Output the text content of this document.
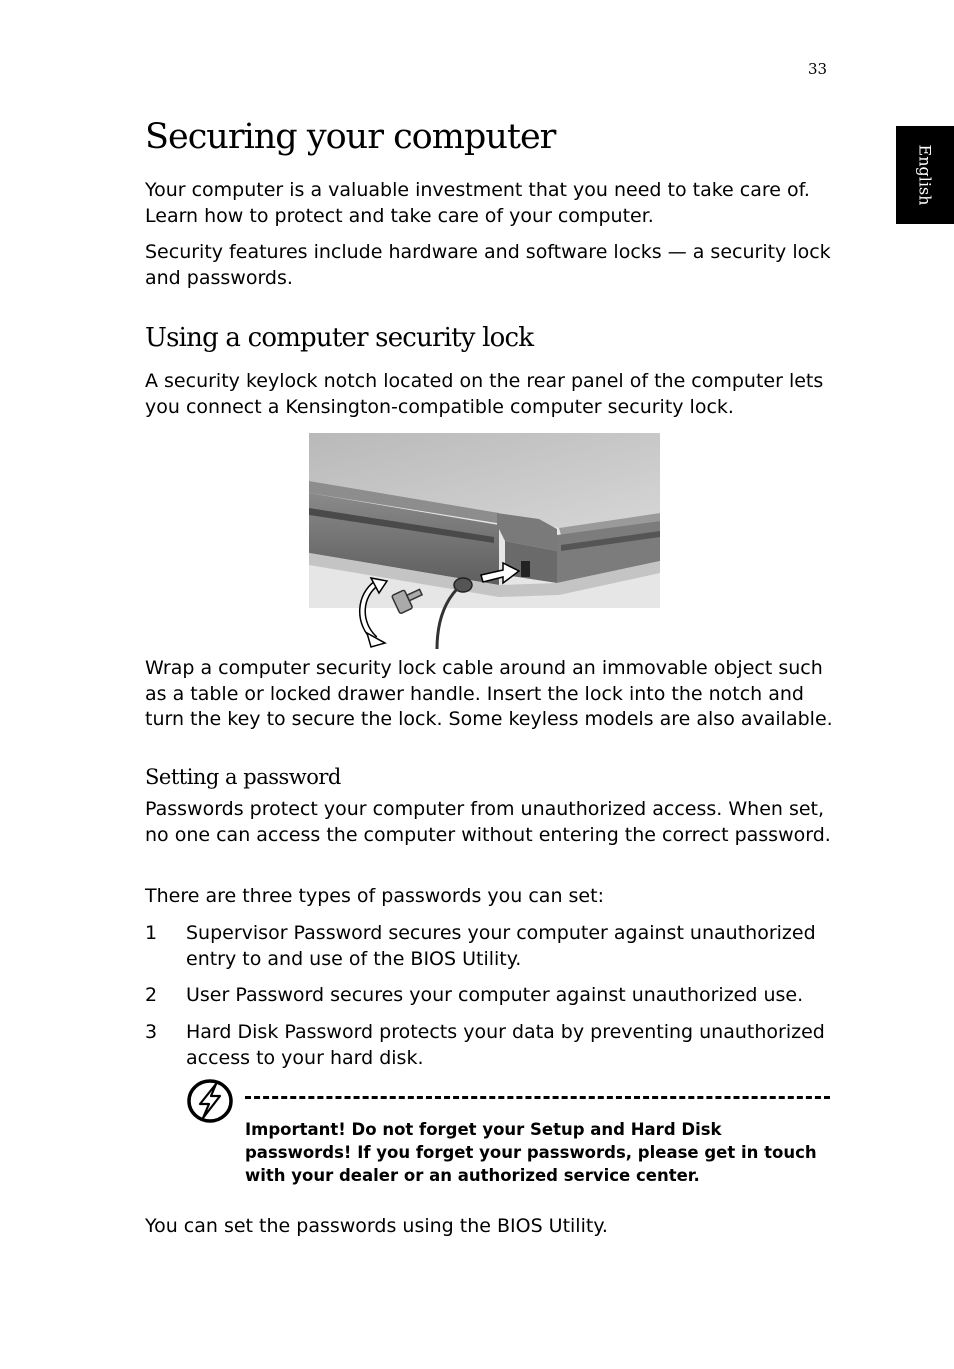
33
English
Securing your computer

Your computer is a valuable investment that you need to take care of. Learn how to protect and take care of your computer.

Security features include hardware and software locks — a security lock and passwords.

Using a computer security lock

A security keylock notch located on the rear panel of the computer lets you connect a Kensington-compatible computer security lock.

Wrap a computer security lock cable around an immovable object such as a table or locked drawer handle. Insert the lock into the notch and turn the key to secure the lock. Some keyless models are also available.

Setting a password

Passwords protect your computer from unauthorized access. When set, no one can access the computer without entering the correct password.

There are three types of passwords you can set:

1 Supervisor Password secures your computer against unauthorized entry to and use of the BIOS Utility.
2 User Password secures your computer against unauthorized use.
3 Hard Disk Password protects your data by preventing unauthorized access to your hard disk.

Important! Do not forget your Setup and Hard Disk passwords! If you forget your passwords, please get in touch with your dealer or an authorized service center.

You can set the passwords using the BIOS Utility.
